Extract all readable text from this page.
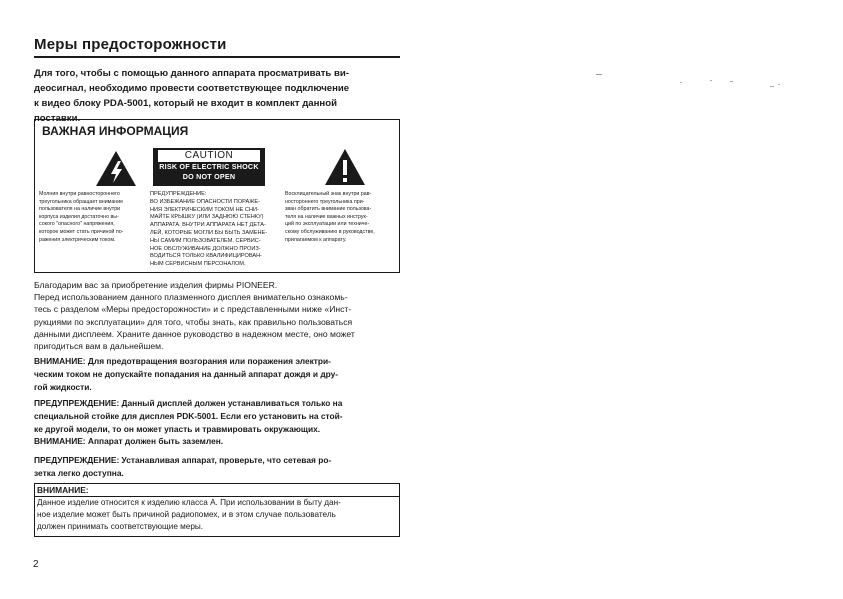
Меры предосторожности
Для того, чтобы с помощью данного аппарата просматривать ви-
деосигнал, необходимо провести соответствующее подключение
к видео блоку PDA-5001, который не входит в комплект данной
поставки.
ВАЖНАЯ ИНФОРМАЦИЯ
CAUTION
RISK OF ELECTRIC SHOCK
DO NOT OPEN
Молния внутри равностороннего
треугольника обращает внимание
пользователя на наличие внутри
корпуса изделия достаточно вы-
сокого "опасного" напряжения,
которое может стать причиной по-
ражения электрическим током.
ПРЕДУПРЕЖДЕНИЕ:
ВО ИЗБЕЖАНИЕ ОПАСНОСТИ ПОРАЖЕ-
НИЯ ЭЛЕКТРИЧЕСКИМ ТОКОМ НЕ СНИ-
МАЙТЕ КРЫШКУ (ИЛИ ЗАДНЮЮ СТЕНКУ)
АППАРАТА. ВНУТРИ АППАРАТА НЕТ ДЕТА-
ЛЕЙ, КОТОРЫЕ МОГЛИ БЫ БЫТЬ ЗАМЕНЕ-
НЫ САМИМ ПОЛЬЗОВАТЕЛЕМ. СЕРВИС-
НОЕ ОБСЛУЖИВАНИЕ ДОЛЖНО ПРОИЗ-
ВОДИТЬСЯ ТОЛЬКО КВАЛИФИЦИРОВАН-
НЫМ СЕРВИСНЫМ ПЕРСОНАЛОМ.
Восклицательный знак внутри рав-
ностороннего треугольника при-
зван обратить внимание пользова-
теля на наличие важных инструк-
ций по эксплуатации или техниче-
скому обслуживанию в руководстве,
прилагаемом к аппарату.
Благодарим вас за приобретение изделия фирмы PIONEER.
Перед использованием данного плазменного дисплея внимательно ознакомь-
тесь с разделом «Меры предосторожности» и с представленными ниже «Инст-
рукциями по эксплуатации» для того, чтобы знать, как правильно пользоваться
данными дисплеем. Храните данное руководство в надежном месте, оно может
пригодиться вам в дальнейшем.
ВНИМАНИЕ: Для предотвращения возгорания или поражения электри-
ческим током не допускайте попадания на данный аппарат дождя и дру-
гой жидкости.
ПРЕДУПРЕЖДЕНИЕ: Данный дисплей должен устанавливаться только на
специальной стойке для дисплея PDK-5001. Если его установить на стой-
ке другой модели, то он может упасть и травмировать окружающих.
ВНИМАНИЕ: Аппарат должен быть заземлен.
ПРЕДУПРЕЖДЕНИЕ: Устанавливая аппарат, проверьте, что сетевая ро-
зетка легко доступна.
ВНИМАНИЕ:
Данное изделие относится к изделию класса А. При использовании в быту дан-
ное изделие может быть причиной радиопомех, и в этом случае пользователь
должен принимать соответствующие меры.
2
